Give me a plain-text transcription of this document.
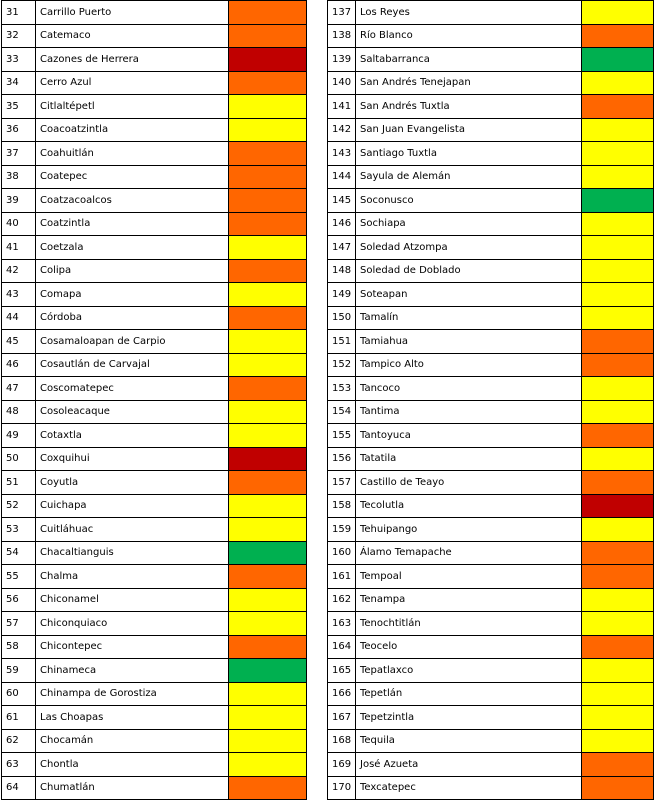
31	Carrillo Puerto	
32	Catemaco	
33	Cazones de Herrera	
34	Cerro Azul	
35	Citlaltépetl	
36	Coacoatzintla	
37	Coahuitlán	
38	Coatepec	
39	Coatzacoalcos	
40	Coatzintla	
41	Coetzala	
42	Colipa	
43	Comapa	
44	Córdoba	
45	Cosamaloapan de Carpio	
46	Cosautlán de Carvajal	
47	Coscomatepec	
48	Cosoleacaque	
49	Cotaxtla	
50	Coxquihui	
51	Coyutla	
52	Cuichapa	
53	Cuitláhuac	
54	Chacaltianguis	
55	Chalma	
56	Chiconamel	
57	Chiconquiaco	
58	Chicontepec	
59	Chinameca	
60	Chinampa de Gorostiza	
61	Las Choapas	
62	Chocamán	
63	Chontla	
64	Chumatlán	
137	Los Reyes	
138	Río Blanco	
139	Saltabarranca	
140	San Andrés Tenejapan	
141	San Andrés Tuxtla	
142	San Juan Evangelista	
143	Santiago Tuxtla	
144	Sayula de Alemán	
145	Soconusco	
146	Sochiapa	
147	Soledad Atzompa	
148	Soledad de Doblado	
149	Soteapan	
150	Tamalín	
151	Tamiahua	
152	Tampico Alto	
153	Tancoco	
154	Tantima	
155	Tantoyuca	
156	Tatatila	
157	Castillo de Teayo	
158	Tecolutla	
159	Tehuipango	
160	Álamo Temapache	
161	Tempoal	
162	Tenampa	
163	Tenochtitlán	
164	Teocelo	
165	Tepatlaxco	
166	Tepetlán	
167	Tepetzintla	
168	Tequila	
169	José Azueta	
170	Texcatepec	
